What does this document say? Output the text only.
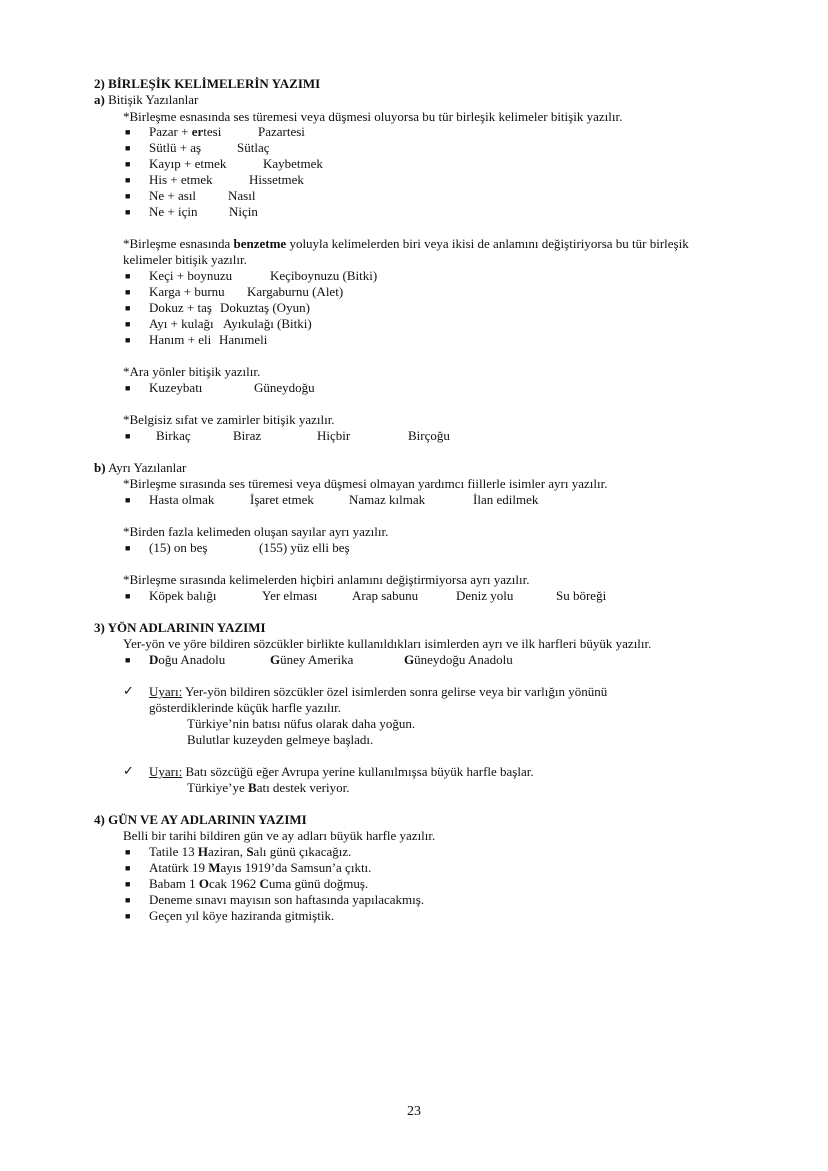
2) BİRLEŞİK KELİMELERİN YAZIMI
a) Bitişik Yazılanlar
*Birleşme esnasında ses türemesi veya düşmesi oluyorsa bu tür birleşik kelimeler bitişik yazılır.
■ Pazar + ertesi	Pazartesi
■ Sütlü + aş	Sütlaç
■ Kayıp + etmek	Kaybetmek
■ His + etmek	Hissetmek
■ Ne + asıl Nasıl
■ Ne + için Niçin
*Birleşme esnasında benzetme yoluyla kelimelerden biri veya ikisi de anlamını değiştiriyorsa bu tür birleşik
kelimeler bitişik yazılır.
■ Keçi + boynuzu	Keçiboynuzu (Bitki)
■ Karga + burnu Kargaburnu (Alet)
■ Dokuz + taş Dokuztaş (Oyun)
■ Ayı + kulağı Ayıkulağı (Bitki)
■ Hanım + eli Hanımeli
*Ara yönler bitişik yazılır.
■ Kuzeybatı	Güneydoğu
*Belgisiz sıfat ve zamirler bitişik yazılır.
■ Birkaç	Biraz	Hiçbir	Birçoğu
b) Ayrı Yazılanlar
*Birleşme sırasında ses türemesi veya düşmesi olmayan yardımcı fiillerle isimler ayrı yazılır.
■ Hasta olmak	İşaret etmek	Namaz kılmak	İlan edilmek
*Birden fazla kelimeden oluşan sayılar ayrı yazılır.
■ (15) on beş	(155) yüz elli beş
*Birleşme sırasında kelimelerden hiçbiri anlamını değiştirmiyorsa ayrı yazılır.
■ Köpek balığı	Yer elması	Arap sabunu	Deniz yolu	Su böreği
3) YÖN ADLARININ YAZIMI
Yer-yön ve yöre bildiren sözcükler birlikte kullanıldıkları isimlerden ayrı ve ilk harfleri büyük yazılır.
■ Doğu Anadolu	Güney Amerika	Güneydoğu Anadolu
✓ Uyarı: Yer-yön bildiren sözcükler özel isimlerden sonra gelirse veya bir varlığın yönünü
gösterdiklerinde küçük harfle yazılır.
Türkiye’nin batısı nüfus olarak daha yoğun.
Bulutlar kuzeyden gelmeye başladı.
✓ Uyarı: Batı sözcüğü eğer Avrupa yerine kullanılmışsa büyük harfle başlar.
Türkiye’ye Batı destek veriyor.
4) GÜN VE AY ADLARININ YAZIMI
Belli bir tarihi bildiren gün ve ay adları büyük harfle yazılır.
■ Tatile 13 Haziran, Salı günü çıkacağız.
■ Atatürk 19 Mayıs 1919’da Samsun’a çıktı.
■ Babam 1 Ocak 1962 Cuma günü doğmuş.
■ Deneme sınavı mayısın son haftasında yapılacakmış.
■ Geçen yıl köye haziranda gitmiştik.
23
